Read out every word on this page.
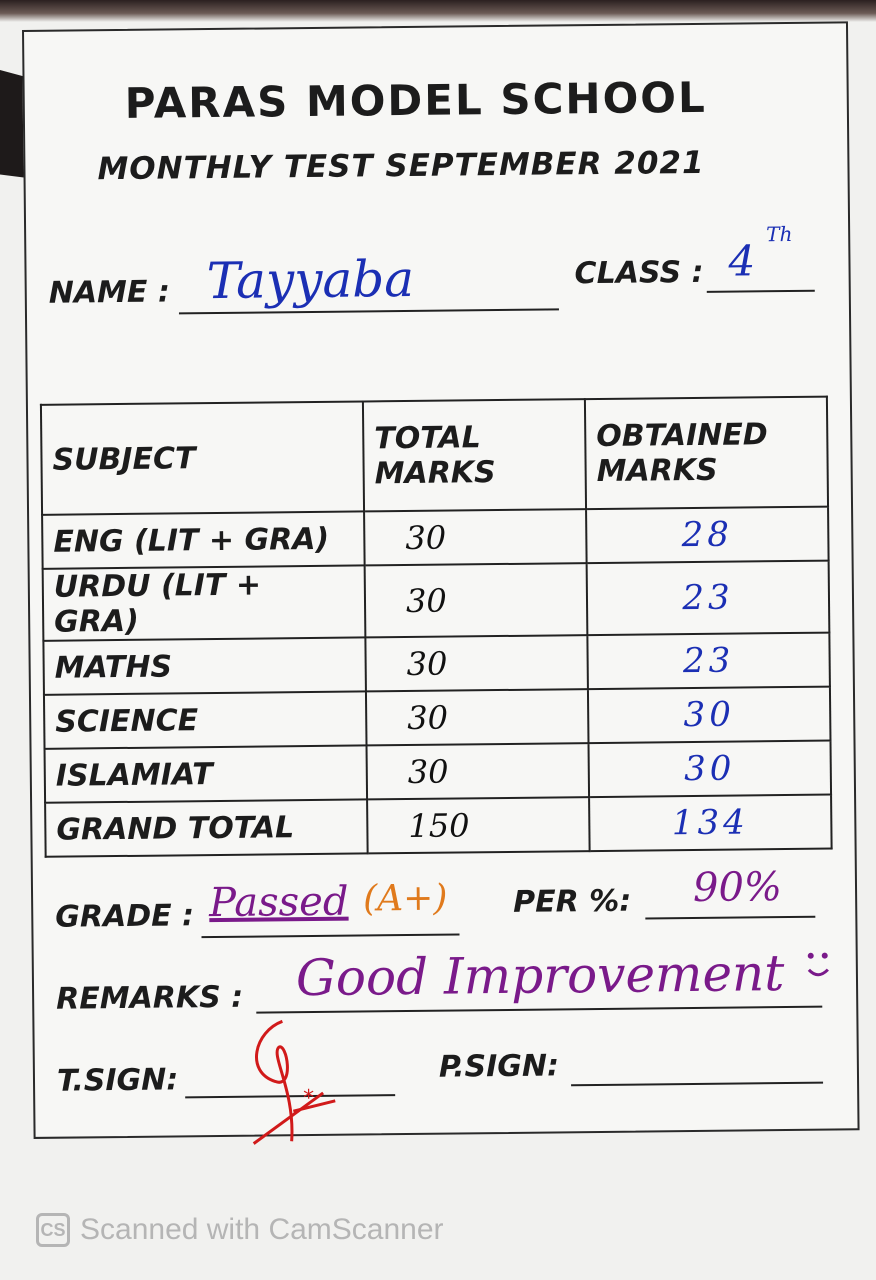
PARAS MODEL SCHOOL
MONTHLY TEST SEPTEMBER 2021
NAME : Tayyaba	CLASS : 4
Th
SUBJECT	TOTAL MARKS	OBTAINED MARKS
ENG (LIT + GRA)	30	28
URDU (LIT + GRA)	30	23
MATHS	30	23
SCIENCE	30	30
ISLAMIAT	30	30
GRAND TOTAL	150	134
GRADE : Passed (A+) PER %: 90%
REMARKS : Good Improvement
T.SIGN:	*
P.SIGN:
CS Scanned with CamScanner
